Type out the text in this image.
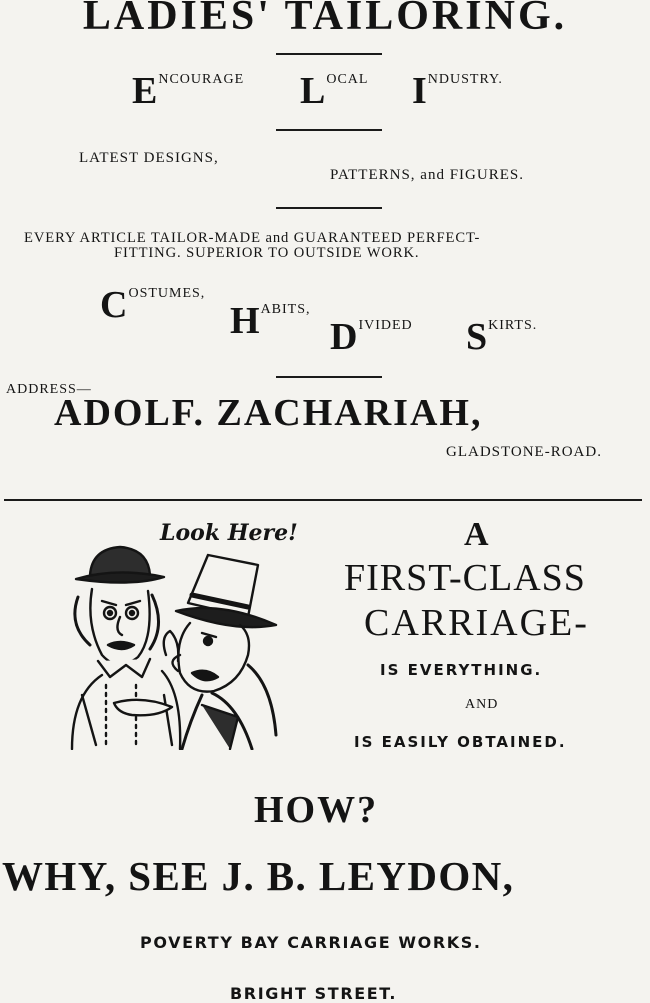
LADIES' TAILORING.
ENCOURAGE LOCAL INDUSTRY.
LATEST DESIGNS,
PATTERNS, and FIGURES.
EVERY ARTICLE TAILOR-MADE and GUARANTEED PERFECT-
FITTING. SUPERIOR TO OUTSIDE WORK.
COSTUMES,
HABITS,
DIVIDED SKIRTS.
ADDRESS—
ADOLF. ZACHARIAH,
GLADSTONE-ROAD.
Look Here!	A
FIRST-CLASS
CARRIAGE-
IS EVERYTHING.
AND
IS EASILY OBTAINED.
HOW?
WHY, SEE J. B. LEYDON,
POVERTY BAY CARRIAGE WORKS.
BRIGHT STREET.
